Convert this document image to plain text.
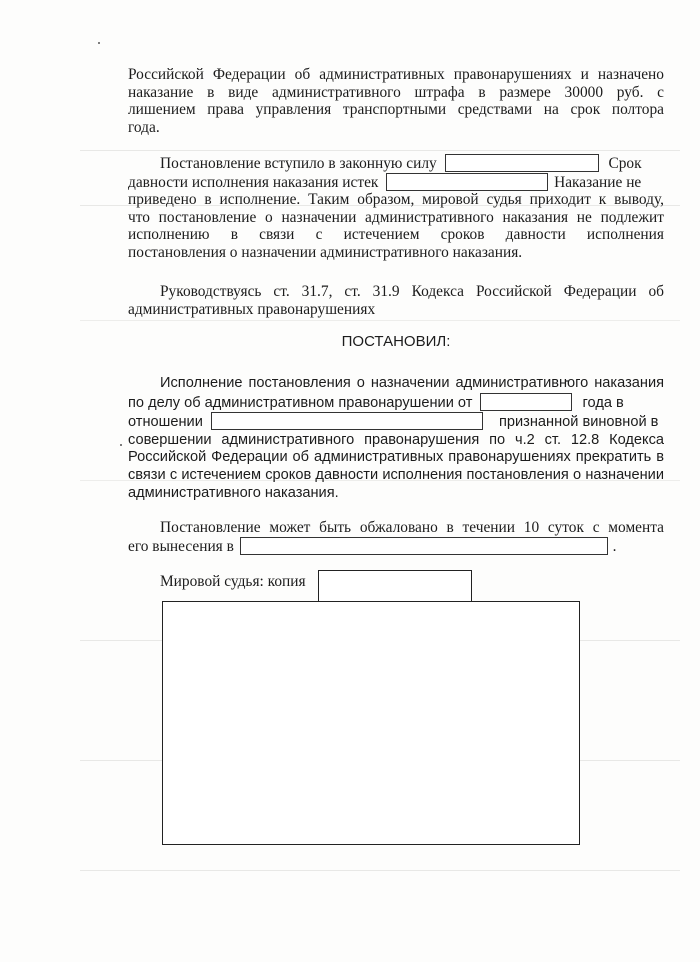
Российской Федерации об административных правонарушениях и назначено
наказание в виде административного штрафа в размере 30000 руб. с
лишением права управления транспортными средствами на срок полтора
года.
Постановление вступило в законную силу	Срок
давности исполнения наказания истек	Наказание не
приведено в исполнение. Таким образом, мировой судья приходит к выводу,
что постановление о назначении административного наказания не подлежит
исполнению в связи с истечением сроков давности исполнения
постановления о назначении административного наказания.
Руководствуясь ст. 31.7, ст. 31.9 Кодекса Российской Федерации об
административных правонарушениях
ПОСТАНОВИЛ:
Исполнение постановления о назначении административного наказания
по делу об административном правонарушении от	года в
отношении	признанной виновной в
совершении административного правонарушения по ч.2 ст. 12.8 Кодекса
Российской Федерации об административных правонарушениях прекратить в
связи с истечением сроков давности исполнения постановления о назначении
административного наказания.
Постановление может быть обжаловано в течении 10 суток с момента
его вынесения в	.
Мировой судья: копия
